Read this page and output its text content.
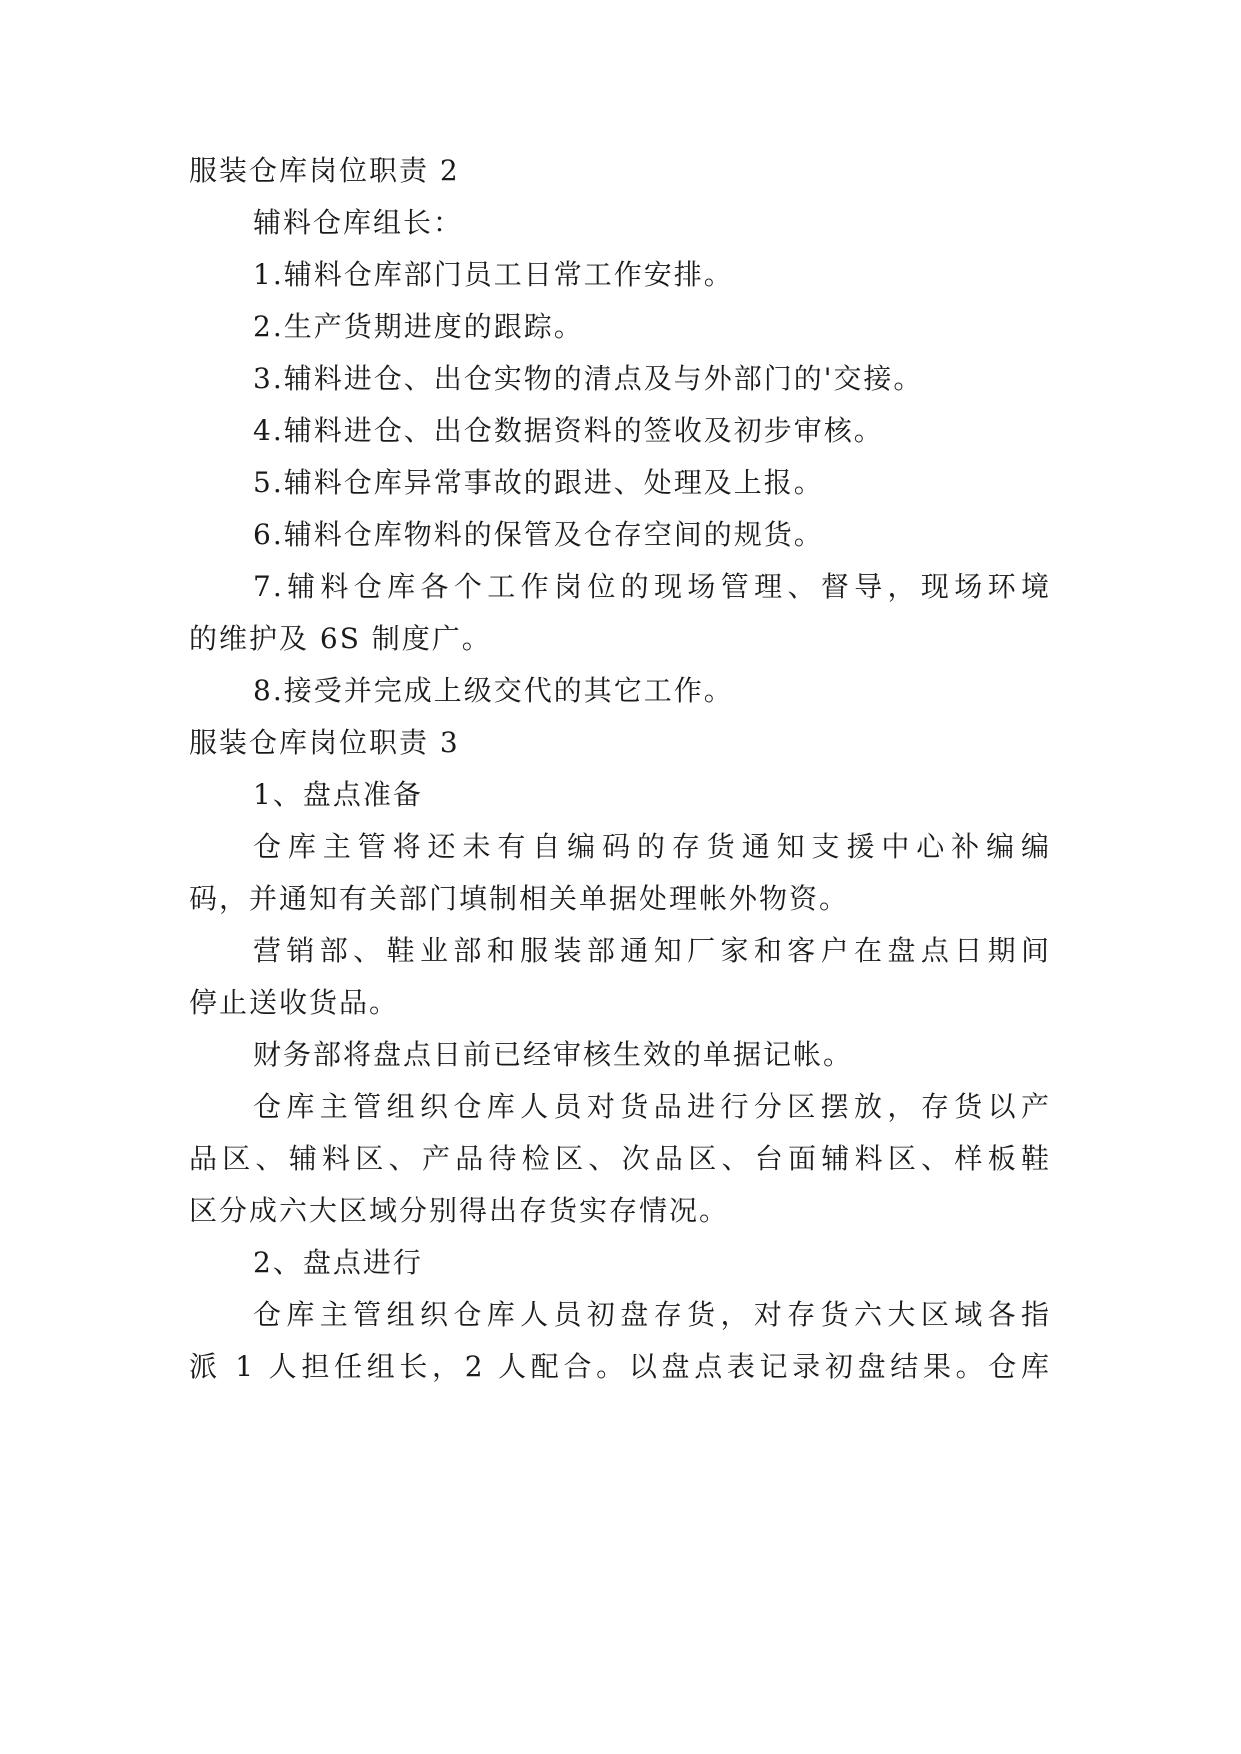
服装仓库岗位职责 2
辅料仓库组长：
1.辅料仓库部门员工日常工作安排。
2.生产货期进度的跟踪。
3.辅料进仓、出仓实物的清点及与外部门的'交接。
4.辅料进仓、出仓数据资料的签收及初步审核。
5.辅料仓库异常事故的跟进、处理及上报。
6.辅料仓库物料的保管及仓存空间的规货。
7.辅料仓库各个工作岗位的现场管理、督导，现场环境
的维护及 6S 制度广。
8.接受并完成上级交代的其它工作。
服装仓库岗位职责 3
1、盘点准备
仓库主管将还未有自编码的存货通知支援中心补编编
码，并通知有关部门填制相关单据处理帐外物资。
营销部、鞋业部和服装部通知厂家和客户在盘点日期间
停止送收货品。
财务部将盘点日前已经审核生效的单据记帐。
仓库主管组织仓库人员对货品进行分区摆放，存货以产
品区、辅料区、产品待检区、次品区、台面辅料区、样板鞋
区分成六大区域分别得出存货实存情况。
2、盘点进行
仓库主管组织仓库人员初盘存货，对存货六大区域各指
派 1 人担任组长，2 人配合。以盘点表记录初盘结果。仓库
